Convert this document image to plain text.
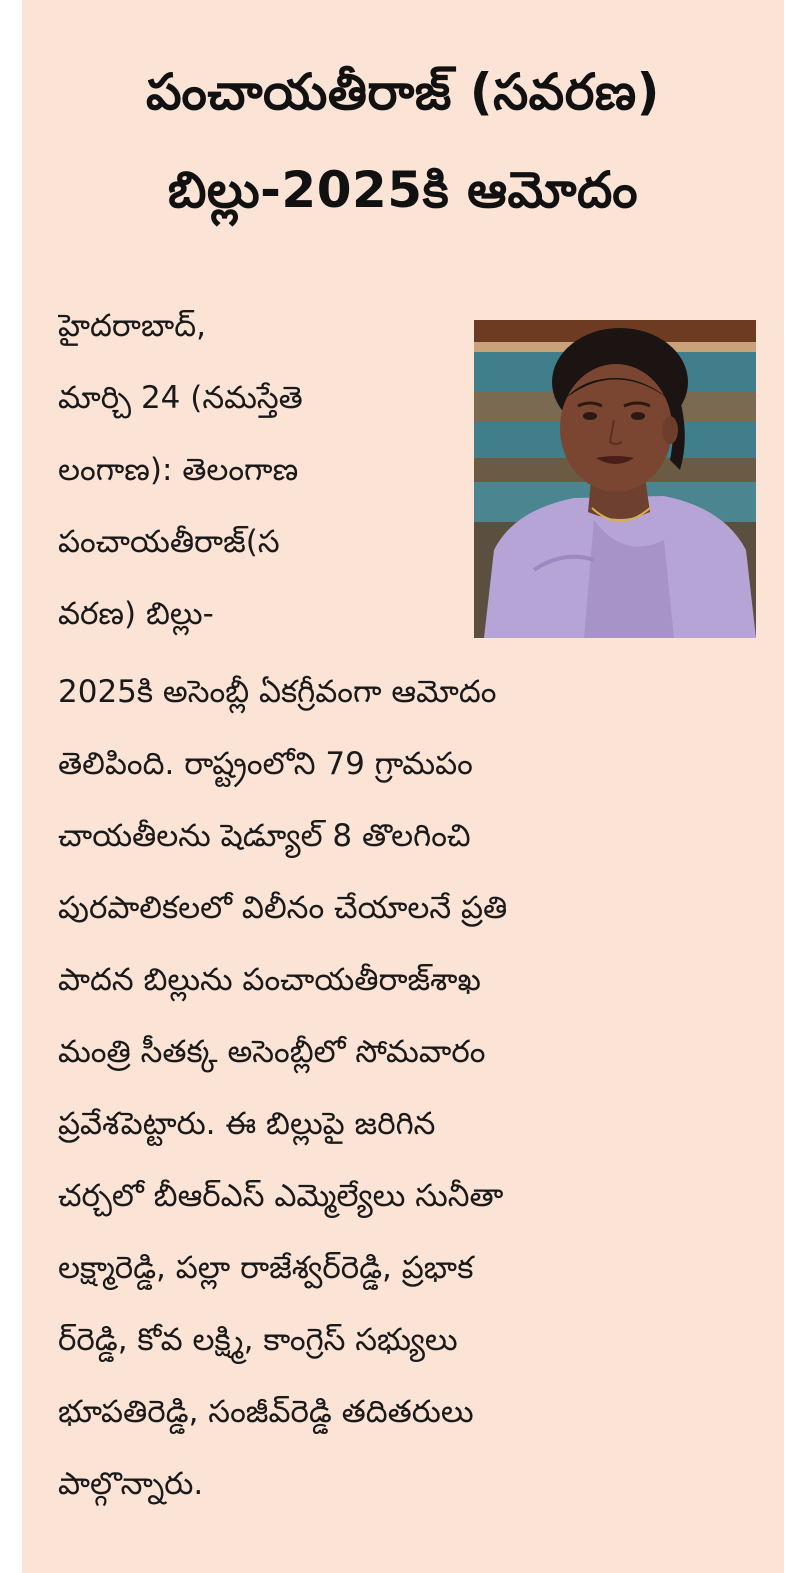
పంచాయతీరాజ్ (సవరణ)
బిల్లు-2025కి ఆమోదం
హైదరాబాద్,
మార్చి 24 (నమస్తేతె
లంగాణ): తెలంగాణ
పంచాయతీరాజ్(స
వరణ) బిల్లు-
2025కి అసెంబ్లీ ఏకగ్రీవంగా ఆమోదం
తెలిపింది. రాష్ట్రంలోని 79 గ్రామపం
చాయతీలను షెడ్యూల్ 8 తొలగించి
పురపాలికలలో విలీనం చేయాలనే ప్రతి
పాదన బిల్లును పంచాయతీరాజ్‌శాఖ
మంత్రి సీతక్క అసెంబ్లీలో సోమవారం
ప్రవేశపెట్టారు. ఈ బిల్లుపై జరిగిన
చర్చలో బీఆర్ఎస్ ఎమ్మెల్యేలు సునీతా
లక్ష్మారెడ్డి, పల్లా రాజేశ్వర్‌రెడ్డి, ప్రభాక
ర్‌రెడ్డి, కోవ లక్ష్మి, కాంగ్రెస్ సభ్యులు
భూపతిరెడ్డి, సంజీవ్‌రెడ్డి తదితరులు
పాల్గొన్నారు.
